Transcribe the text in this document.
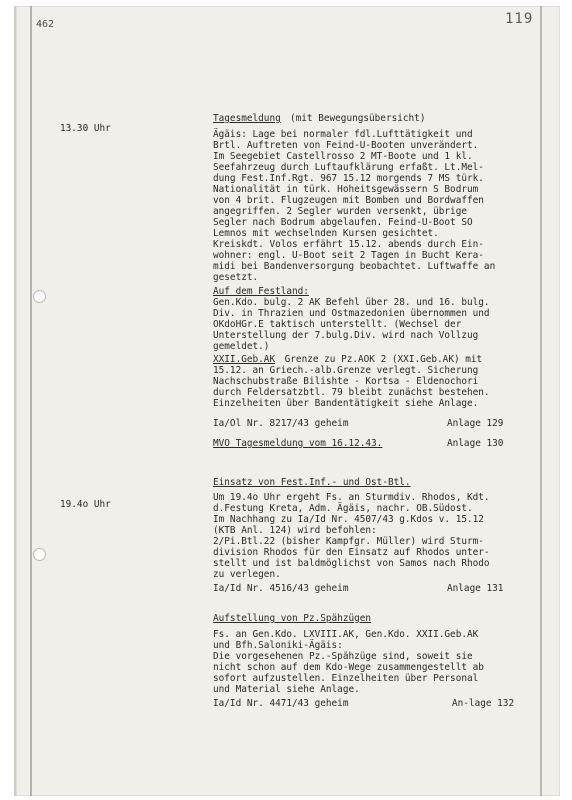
462	119
13.30 Uhr
19.4o Uhr
Tagesmeldung (mit Bewegungsübersicht)
Ägäis: Lage bei normaler fdl.Lufttätigkeit und
Brtl. Auftreten von Feind-U-Booten unverändert.
Im Seegebiet Castellrosso 2 MT-Boote und 1 kl.
Seefahrzeug durch Luftaufklärung erfaßt. Lt.Mel-
dung Fest.Inf.Rgt. 967 15.12 morgends 7 MS türk.
Nationalität in türk. Hoheitsgewässern S Bodrum
von 4 brit. Flugzeugen mit Bomben und Bordwaffen
angegriffen. 2 Segler wurden versenkt, übrige
Segler nach Bodrum abgelaufen. Feind-U-Boot SO
Lemnos mit wechselnden Kursen gesichtet.
Kreiskdt. Volos erfährt 15.12. abends durch Ein-
wohner: engl. U-Boot seit 2 Tagen in Bucht Kera-
midi bei Bandenversorgung beobachtet. Luftwaffe an
gesetzt.
Auf dem Festland:
Gen.Kdo. bulg. 2 AK Befehl über 28. und 16. bulg.
Div. in Thrazien und Ostmazedonien übernommen und
OKdoHGr.E taktisch unterstellt. (Wechsel der
Unterstellung der 7.bulg.Div. wird nach Vollzug
gemeldet.)
XXII.Geb.AK Grenze zu Pz.AOK 2 (XXI.Geb.AK) mit
15.12. an Griech.-alb.Grenze verlegt. Sicherung
Nachschubstraße Bilishte - Kortsa - Eldenochori
durch Feldersatzbtl. 79 bleibt zunächst bestehen.
Einzelheiten über Bandentätigkeit siehe Anlage.
Ia/Ol Nr. 8217/43 geheim	Anlage 129
MVO Tagesmeldung vom 16.12.43.	Anlage 130
Einsatz von Fest.Inf.- und Ost-Btl.
Um 19.4o Uhr ergeht Fs. an Sturmdiv. Rhodos, Kdt.
d.Festung Kreta, Adm. Ägäis, nachr. OB.Südost.
Im Nachhang zu Ia/Id Nr. 4507/43 g.Kdos v. 15.12
(KTB Anl. 124) wird befohlen:
2/Pi.Btl.22 (bisher Kampfgr. Müller) wird Sturm-
division Rhodos für den Einsatz auf Rhodos unter-
stellt und ist baldmöglichst von Samos nach Rhodo
zu verlegen.
Ia/Id Nr. 4516/43 geheim	Anlage 131
Aufstellung von Pz.Spähzügen
Fs. an Gen.Kdo. LXVIII.AK, Gen.Kdo. XXII.Geb.AK
und Bfh.Saloniki-Ägäis:
Die vorgesehenen Pz.-Spähzüge sind, soweit sie
nicht schon auf dem Kdo-Wege zusammengestellt ab
sofort aufzustellen. Einzelheiten über Personal
und Material siehe Anlage.
Ia/Id Nr. 4471/43 geheim	An-lage 132
